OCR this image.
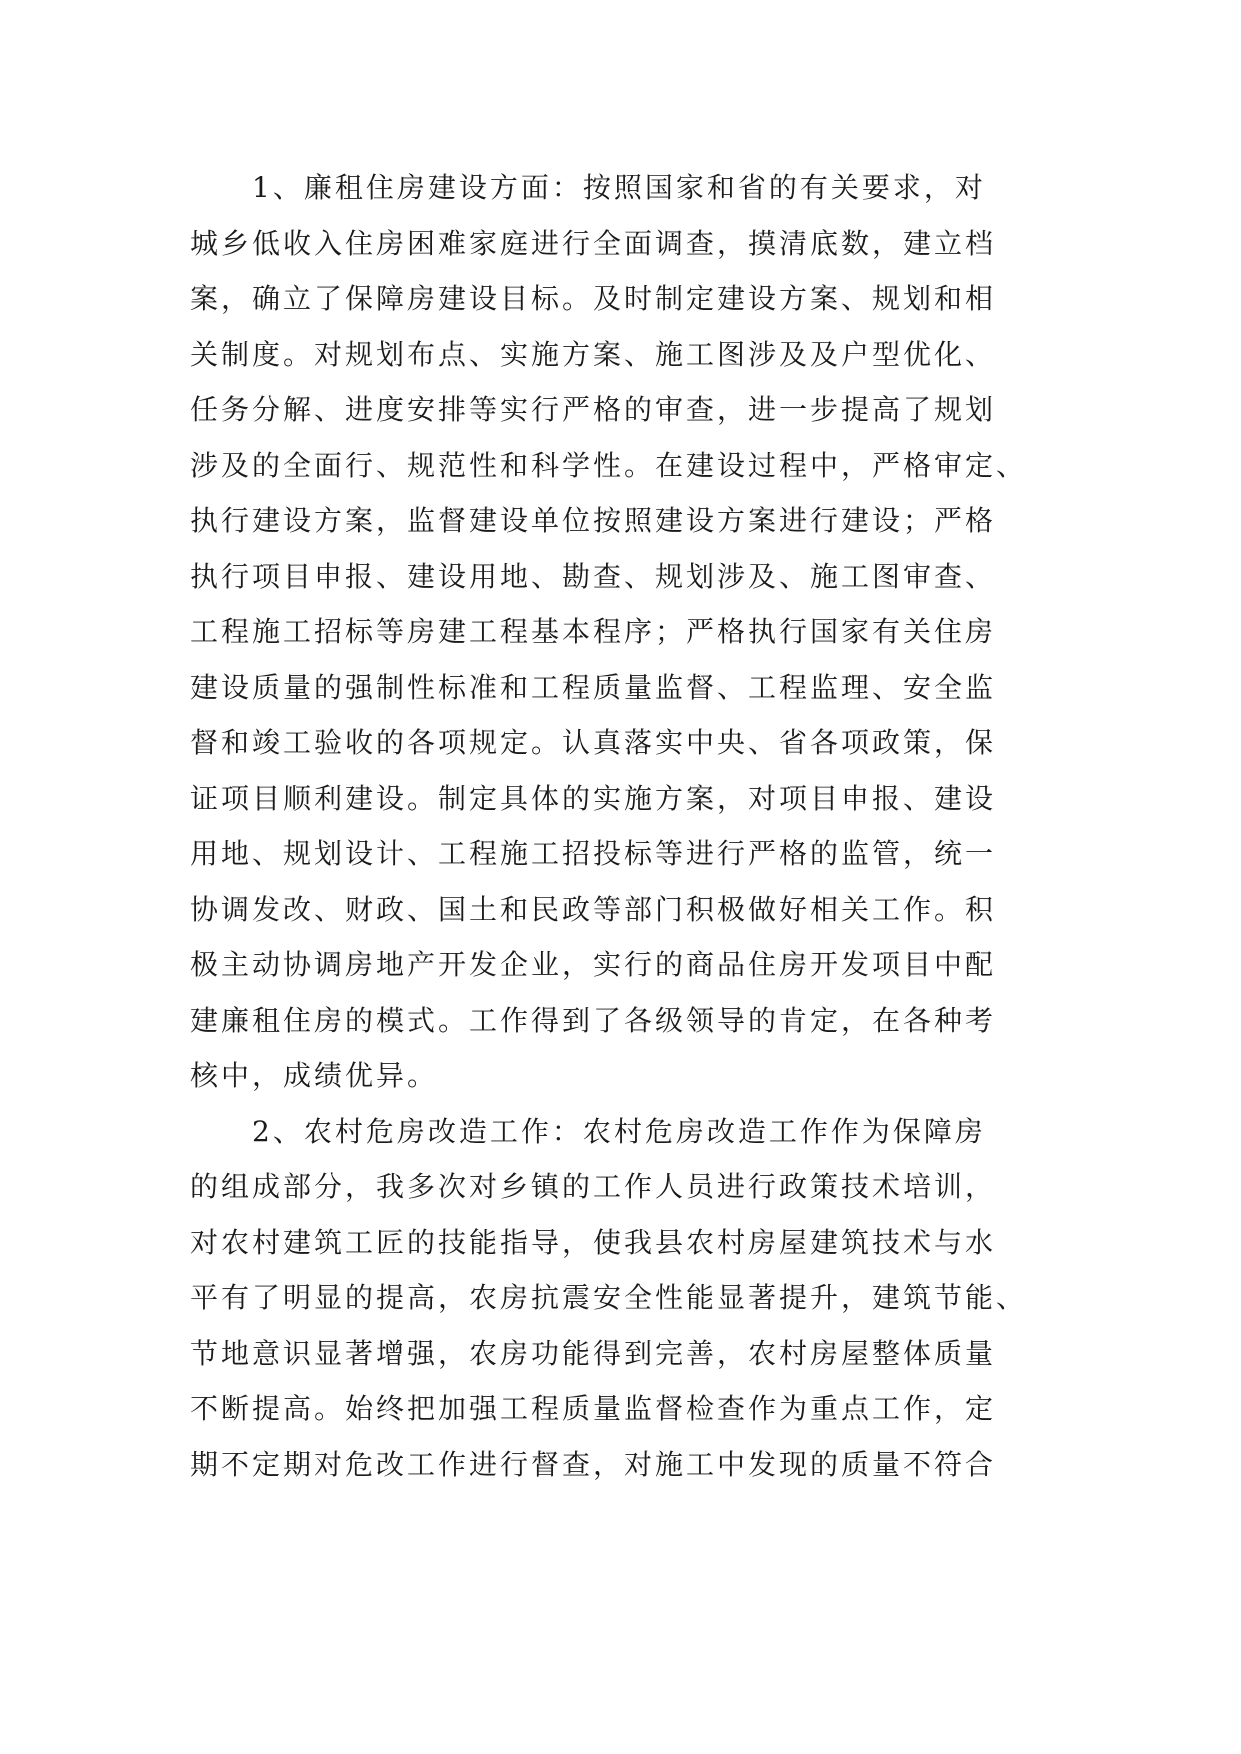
1、廉租住房建设方面：按照国家和省的有关要求，对
城乡低收入住房困难家庭进行全面调查，摸清底数，建立档
案，确立了保障房建设目标。及时制定建设方案、规划和相
关制度。对规划布点、实施方案、施工图涉及及户型优化、
任务分解、进度安排等实行严格的审查，进一步提高了规划
涉及的全面行、规范性和科学性。在建设过程中，严格审定、
执行建设方案，监督建设单位按照建设方案进行建设；严格
执行项目申报、建设用地、勘查、规划涉及、施工图审查、
工程施工招标等房建工程基本程序；严格执行国家有关住房
建设质量的强制性标准和工程质量监督、工程监理、安全监
督和竣工验收的各项规定。认真落实中央、省各项政策，保
证项目顺利建设。制定具体的实施方案，对项目申报、建设
用地、规划设计、工程施工招投标等进行严格的监管，统一
协调发改、财政、国土和民政等部门积极做好相关工作。积
极主动协调房地产开发企业，实行的商品住房开发项目中配
建廉租住房的模式。工作得到了各级领导的肯定，在各种考
核中，成绩优异。
2、农村危房改造工作：农村危房改造工作作为保障房
的组成部分，我多次对乡镇的工作人员进行政策技术培训，
对农村建筑工匠的技能指导，使我县农村房屋建筑技术与水
平有了明显的提高，农房抗震安全性能显著提升，建筑节能、
节地意识显著增强，农房功能得到完善，农村房屋整体质量
不断提高。始终把加强工程质量监督检查作为重点工作，定
期不定期对危改工作进行督查，对施工中发现的质量不符合
